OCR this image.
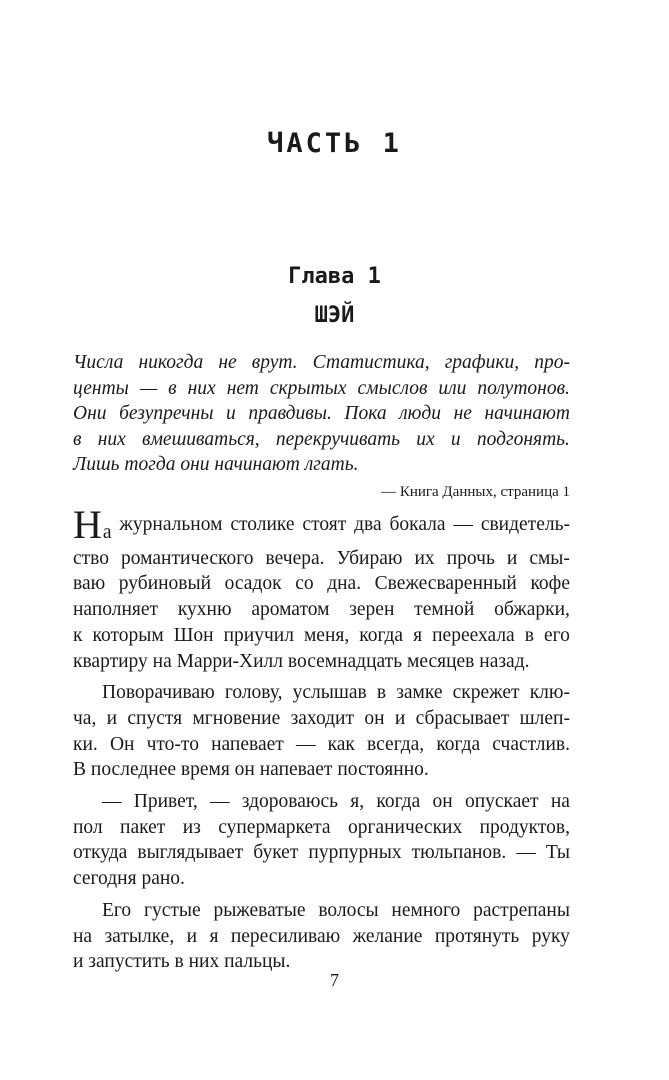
ЧАСТЬ 1
Глава 1
ШЭЙ
Числа никогда не врут. Статистика, графики, про-
центы — в них нет скрытых смыслов или полутонов.
Они безупречны и правдивы. Пока люди не начинают
в них вмешиваться, перекручивать их и подгонять.
Лишь тогда они начинают лгать.
— Книга Данных, страница 1
На журнальном столике стоят два бокала — свидетель-
ство романтического вечера. Убираю их прочь и смы-
ваю рубиновый осадок со дна. Свежесваренный кофе
наполняет кухню ароматом зерен темной обжарки,
к которым Шон приучил меня, когда я переехала в его
квартиру на Марри-Хилл восемнадцать месяцев назад.
Поворачиваю голову, услышав в замке скрежет клю-
ча, и спустя мгновение заходит он и сбрасывает шлеп-
ки. Он что-то напевает — как всегда, когда счастлив.
В последнее время он напевает постоянно.
— Привет, — здороваюсь я, когда он опускает на
пол пакет из супермаркета органических продуктов,
откуда выглядывает букет пурпурных тюльпанов. — Ты
сегодня рано.
Его густые рыжеватые волосы немного растрепаны
на затылке, и я пересиливаю желание протянуть руку
и запустить в них пальцы.
7
